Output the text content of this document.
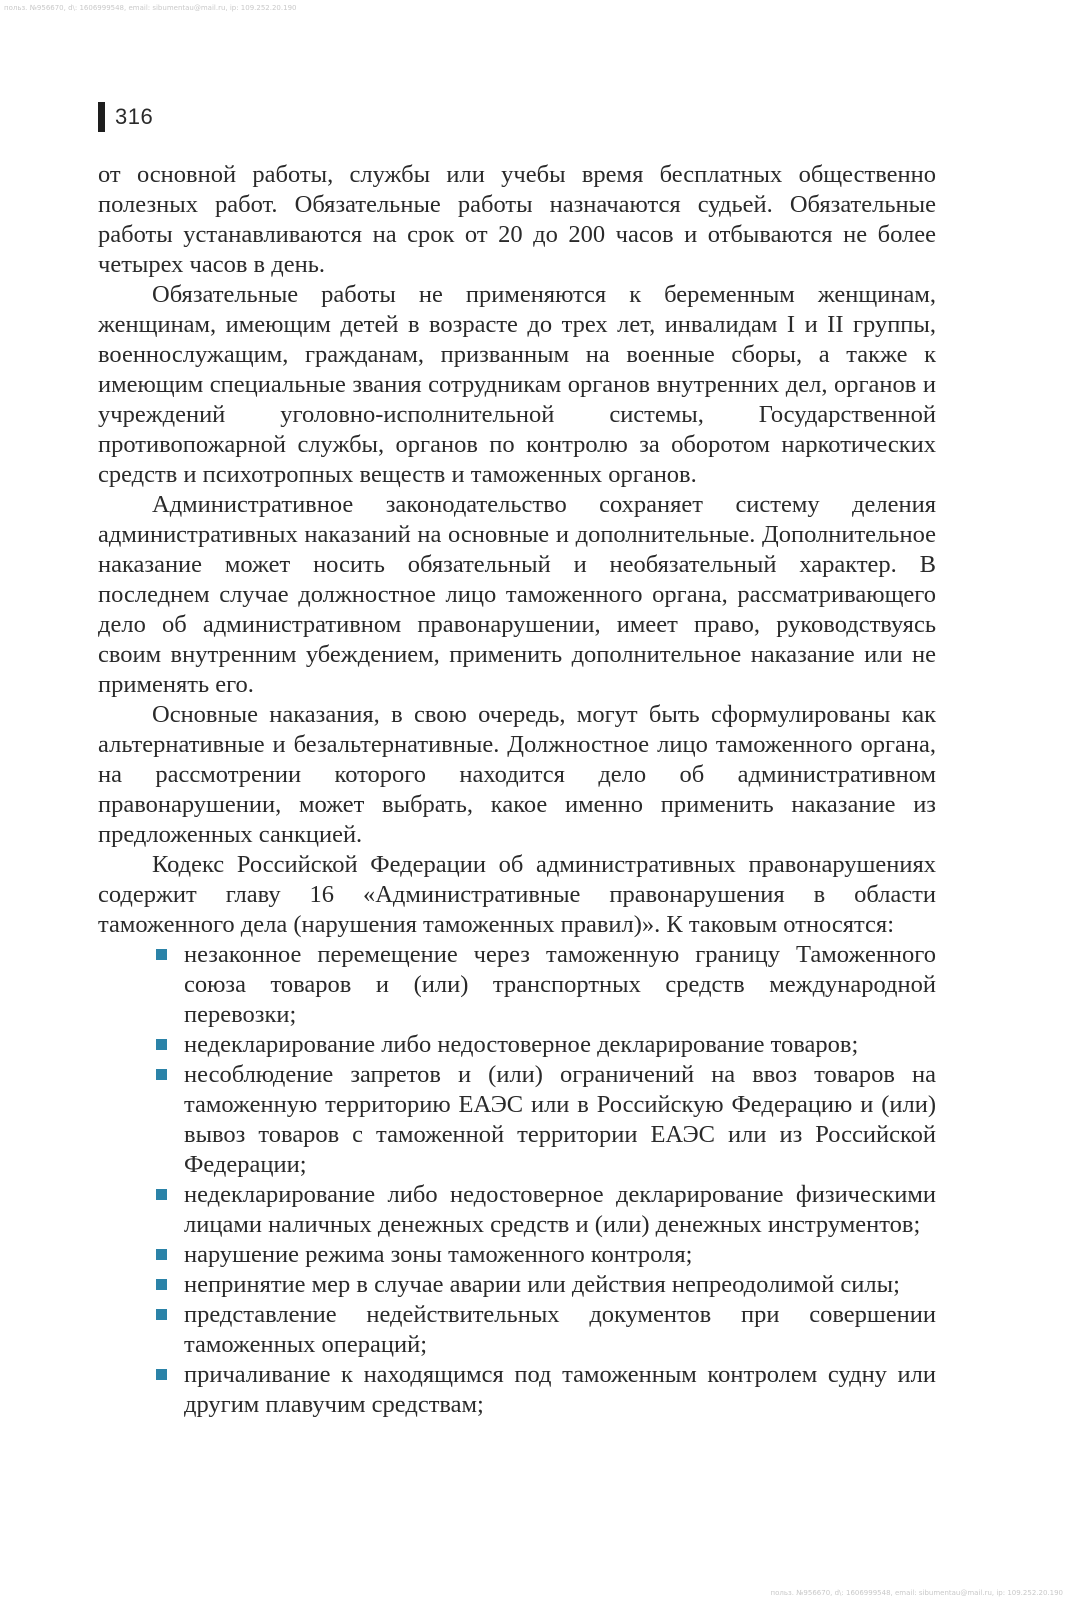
польз. №956670, d\: 1606999548, email: sibumentau@mail.ru, ip: 109.252.20.190
316

от основной работы, службы или учебы время бесплатных общественно полезных работ. Обязательные работы назначаются судьей. Обязательные работы устанавливаются на срок от 20 до 200 часов и отбываются не более четырех часов в день.

Обязательные работы не применяются к беременным женщинам, женщинам, имеющим детей в возрасте до трех лет, инвалидам I и II группы, военнослужащим, гражданам, призванным на военные сборы, а также к имеющим специальные звания сотрудникам органов внутренних дел, органов и учреждений уголовно-исполнительной системы, Государственной противопожарной службы, органов по контролю за оборотом наркотических средств и психотропных веществ и таможенных органов.

Административное законодательство сохраняет систему деления административных наказаний на основные и дополнительные. Дополнительное наказание может носить обязательный и необязательный характер. В последнем случае должностное лицо таможенного органа, рассматривающего дело об административном правонарушении, имеет право, руководствуясь своим внутренним убеждением, применить дополнительное наказание или не применять его.

Основные наказания, в свою очередь, могут быть сформулированы как альтернативные и безальтернативные. Должностное лицо таможенного органа, на рассмотрении которого находится дело об административном правонарушении, может выбрать, какое именно применить наказание из предложенных санкцией.

Кодекс Российской Федерации об административных правонарушениях содержит главу 16 «Административные правонарушения в области таможенного дела (нарушения таможенных правил)». К таковым относятся:

незаконное перемещение через таможенную границу Таможенного союза товаров и (или) транспортных средств международной перевозки;
недекларирование либо недостоверное декларирование товаров;
несоблюдение запретов и (или) ограничений на ввоз товаров на таможенную территорию ЕАЭС или в Российскую Федерацию и (или) вывоз товаров с таможенной территории ЕАЭС или из Российской Федерации;
недекларирование либо недостоверное декларирование физическими лицами наличных денежных средств и (или) денежных инструментов;
нарушение режима зоны таможенного контроля;
непринятие мер в случае аварии или действия непреодолимой силы;
представление недействительных документов при совершении таможенных операций;
причаливание к находящимся под таможенным контролем судну или другим плавучим средствам;
польз. №956670, d\: 1606999548, email: sibumentau@mail.ru, ip: 109.252.20.190
